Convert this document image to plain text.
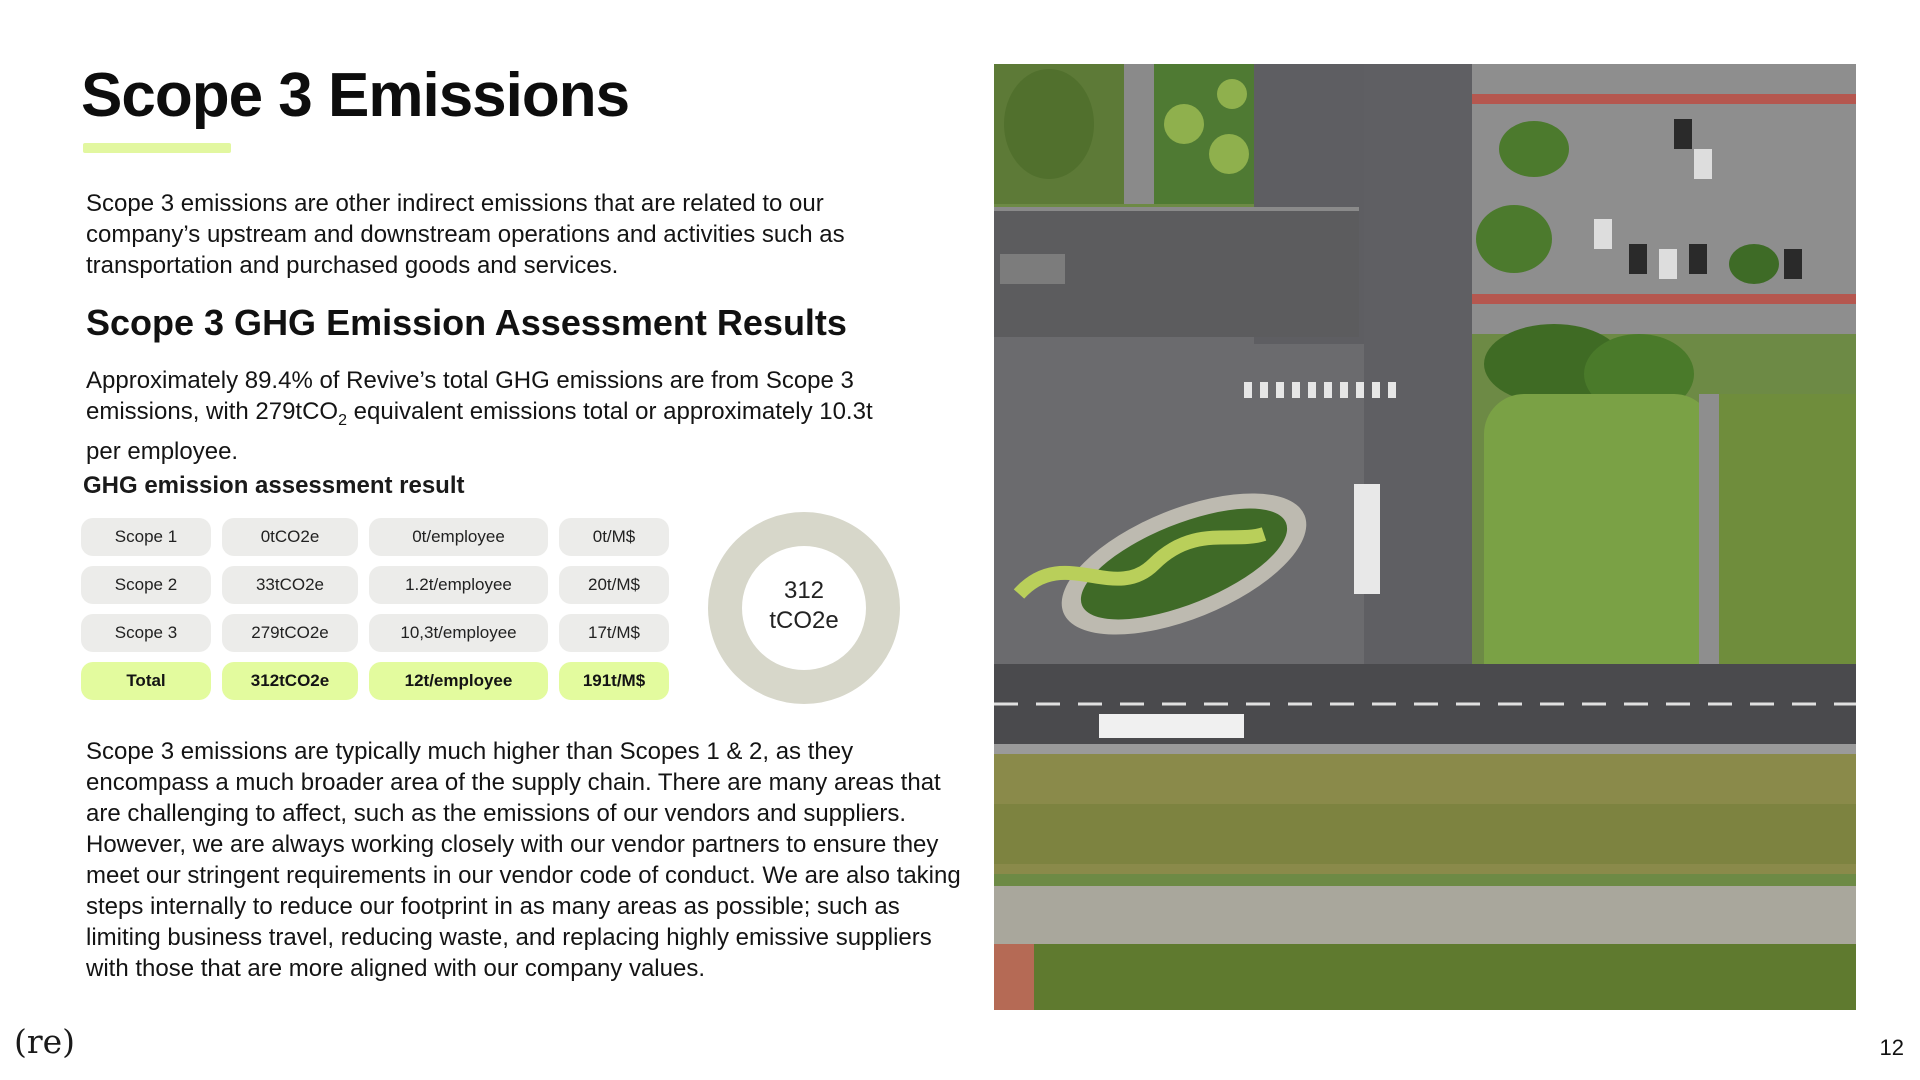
Scope 3 Emissions

Scope 3 emissions are other indirect emissions that are related to our company’s upstream and downstream operations and activities such as transportation and purchased goods and services.

Scope 3 GHG Emission Assessment Results

Approximately 89.4% of Revive’s total GHG emissions are from Scope 3 emissions, with 279tCO$_2$ equivalent emissions total or approximately 10.3t per employee.

GHG emission assessment result
Scope 1	0tCO2e	0t/employee	0t/M$
Scope 2	33tCO2e	1.2t/employee	20t/M$
Scope 3	279tCO2e	10,3t/employee	17t/M$
Total	312tCO2e	12t/employee	191t/M$
312
tCO2e

Scope 3 emissions are typically much higher than Scopes 1 & 2, as they encompass a much broader area of the supply chain. There are many areas that are challenging to affect, such as the emissions of our vendors and suppliers. However, we are always working closely with our vendor partners to ensure they meet our stringent requirements in our vendor code of conduct. We are also taking steps internally to reduce our footprint in as many areas as possible; such as limiting business travel, reducing waste, and replacing highly emissive suppliers with those that are more aligned with our company values.

(re)	12
